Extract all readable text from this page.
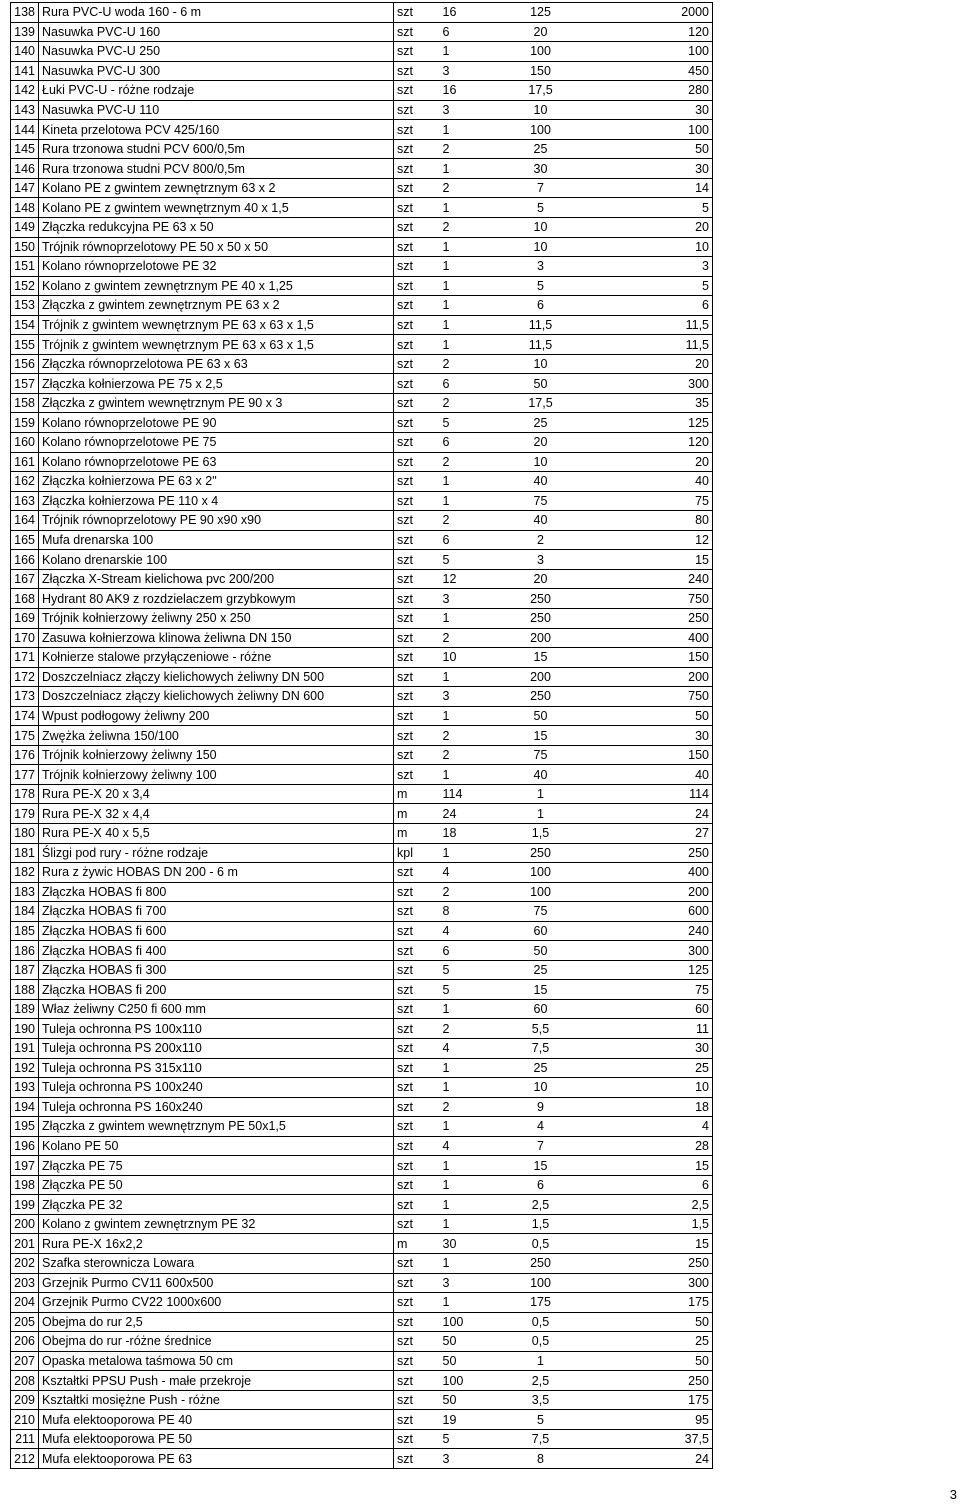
138	Rura PVC-U woda 160 - 6 m	szt	16	125	2000
139	Nasuwka PVC-U 160	szt	6	20	120
140	Nasuwka PVC-U 250	szt	1	100	100
141	Nasuwka PVC-U 300	szt	3	150	450
142	Łuki PVC-U - różne rodzaje	szt	16	17,5	280
143	Nasuwka PVC-U 110	szt	3	10	30
144	Kineta przelotowa PCV 425/160	szt	1	100	100
145	Rura trzonowa studni PCV 600/0,5m	szt	2	25	50
146	Rura trzonowa studni PCV 800/0,5m	szt	1	30	30
147	Kolano PE z gwintem zewnętrznym 63 x 2	szt	2	7	14
148	Kolano PE z gwintem wewnętrznym 40 x 1,5	szt	1	5	5
149	Złączka redukcyjna PE 63 x 50	szt	2	10	20
150	Trójnik równoprzelotowy PE 50 x 50 x 50	szt	1	10	10
151	Kolano równoprzelotowe PE 32	szt	1	3	3
152	Kolano z gwintem zewnętrznym PE 40 x 1,25	szt	1	5	5
153	Złączka z gwintem zewnętrznym PE 63 x 2	szt	1	6	6
154	Trójnik z gwintem wewnętrznym PE 63 x 63 x 1,5	szt	1	11,5	11,5
155	Trójnik z gwintem wewnętrznym PE 63 x 63 x 1,5	szt	1	11,5	11,5
156	Złączka równoprzelotowa PE 63 x 63	szt	2	10	20
157	Złączka kołnierzowa PE 75 x 2,5	szt	6	50	300
158	Złączka z gwintem wewnętrznym PE 90 x 3	szt	2	17,5	35
159	Kolano równoprzelotowe PE 90	szt	5	25	125
160	Kolano równoprzelotowe PE 75	szt	6	20	120
161	Kolano równoprzelotowe PE 63	szt	2	10	20
162	Złączka kołnierzowa PE 63 x 2"	szt	1	40	40
163	Złączka kołnierzowa PE 110 x 4	szt	1	75	75
164	Trójnik równoprzelotowy PE 90 x90 x90	szt	2	40	80
165	Mufa drenarska 100	szt	6	2	12
166	Kolano drenarskie 100	szt	5	3	15
167	Złączka X-Stream kielichowa pvc 200/200	szt	12	20	240
168	Hydrant 80 AK9 z rozdzielaczem grzybkowym	szt	3	250	750
169	Trójnik kołnierzowy żeliwny 250 x 250	szt	1	250	250
170	Zasuwa kołnierzowa klinowa żeliwna DN 150	szt	2	200	400
171	Kołnierze stalowe przyłączeniowe - różne	szt	10	15	150
172	Doszczelniacz złączy kielichowych żeliwny DN 500	szt	1	200	200
173	Doszczelniacz złączy kielichowych żeliwny DN 600	szt	3	250	750
174	Wpust podłogowy żeliwny 200	szt	1	50	50
175	Zwężka żeliwna 150/100	szt	2	15	30
176	Trójnik kołnierzowy żeliwny 150	szt	2	75	150
177	Trójnik kołnierzowy żeliwny 100	szt	1	40	40
178	Rura PE-X 20 x 3,4	m	114	1	114
179	Rura PE-X 32 x 4,4	m	24	1	24
180	Rura PE-X 40 x 5,5	m	18	1,5	27
181	Ślizgi pod rury - różne rodzaje	kpl	1	250	250
182	Rura z żywic HOBAS DN 200 - 6 m	szt	4	100	400
183	Złączka HOBAS fi 800	szt	2	100	200
184	Złączka HOBAS fi 700	szt	8	75	600
185	Złączka HOBAS fi 600	szt	4	60	240
186	Złączka HOBAS fi 400	szt	6	50	300
187	Złączka HOBAS fi 300	szt	5	25	125
188	Złączka HOBAS fi 200	szt	5	15	75
189	Właz żeliwny C250 fi 600 mm	szt	1	60	60
190	Tuleja ochronna PS 100x110	szt	2	5,5	11
191	Tuleja ochronna PS 200x110	szt	4	7,5	30
192	Tuleja ochronna PS 315x110	szt	1	25	25
193	Tuleja ochronna PS 100x240	szt	1	10	10
194	Tuleja ochronna PS 160x240	szt	2	9	18
195	Złączka z gwintem wewnętrznym PE 50x1,5	szt	1	4	4
196	Kolano PE 50	szt	4	7	28
197	Złączka PE 75	szt	1	15	15
198	Złączka PE 50	szt	1	6	6
199	Złączka PE 32	szt	1	2,5	2,5
200	Kolano z gwintem zewnętrznym PE 32	szt	1	1,5	1,5
201	Rura PE-X 16x2,2	m	30	0,5	15
202	Szafka sterownicza Lowara	szt	1	250	250
203	Grzejnik Purmo CV11 600x500	szt	3	100	300
204	Grzejnik Purmo CV22 1000x600	szt	1	175	175
205	Obejma do rur 2,5	szt	100	0,5	50
206	Obejma do rur -różne średnice	szt	50	0,5	25
207	Opaska metalowa taśmowa 50 cm	szt	50	1	50
208	Kształtki PPSU Push - małe przekroje	szt	100	2,5	250
209	Kształtki mosiężne Push - różne	szt	50	3,5	175
210	Mufa elektooporowa PE 40	szt	19	5	95
211	Mufa elektooporowa PE 50	szt	5	7,5	37,5
212	Mufa elektooporowa PE 63	szt	3	8	24
3
